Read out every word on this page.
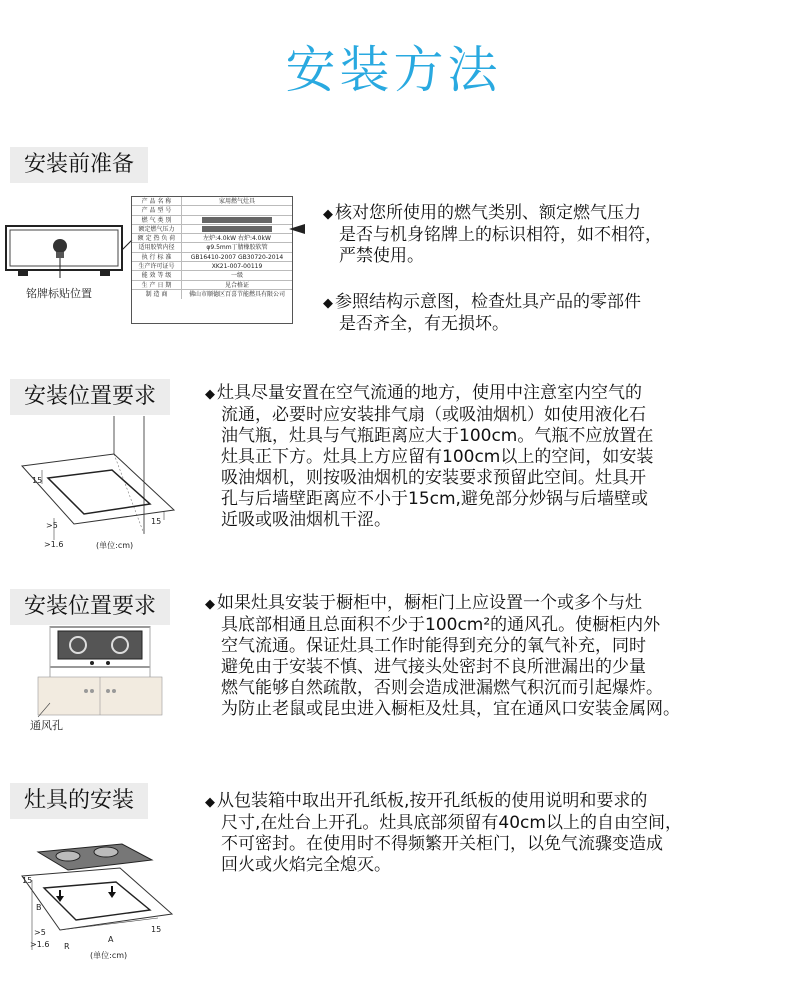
安装方法
安装前准备
铭牌标贴位置
产 品 名 称	家用燃气灶具
产 品 型 号
燃 气 类 别
额定燃气压力
额 定 热 负 荷	左炉:4.0kW 右炉:4.0kW
适用胶管内径	φ9.5mm丁腈橡胶软管
执 行 标 准	GB16410-2007 GB30720-2014
生产许可证号	XK21-007-00119
能 效 等 级	一级
生 产 日 期	见合格证
制 造 商	佛山市顺德区百喜节能燃具有限公司
◆ 核对您所使用的燃气类别、额定燃气压力
是否与机身铭牌上的标识相符，如不相符，
严禁使用。
◆ 参照结构示意图，检查灶具产品的零部件
是否齐全，有无损坏。
安装位置要求
15
15
>5
>1.6	(单位:cm)
◆ 灶具尽量安置在空气流通的地方，使用中注意室内空气的
流通，必要时应安装排气扇（或吸油烟机）如使用液化石
油气瓶，灶具与气瓶距离应大于100cm。气瓶不应放置在
灶具正下方。灶具上方应留有100cm以上的空间，如安装
吸油烟机，则按吸油烟机的安装要求预留此空间。灶具开
孔与后墙壁距离应不小于15cm,避免部分炒锅与后墙壁或
近吸或吸油烟机干涩。
安装位置要求
通风孔
◆ 如果灶具安装于橱柜中，橱柜门上应设置一个或多个与灶
具底部相通且总面积不少于100cm²的通风孔。使橱柜内外
空气流通。保证灶具工作时能得到充分的氧气补充，同时
避免由于安装不慎、进气接头处密封不良所泄漏出的少量
燃气能够自然疏散，否则会造成泄漏燃气积沉而引起爆炸。
为防止老鼠或昆虫进入橱柜及灶具，宜在通风口安装金属网。
灶具的安装
15
15
B
A
>5
>1.6 R
(单位:cm)
◆ 从包装箱中取出开孔纸板,按开孔纸板的使用说明和要求的
尺寸,在灶台上开孔。灶具底部须留有40cm以上的自由空间，
不可密封。在使用时不得频繁开关柜门，以免气流骤变造成
回火或火焰完全熄灭。
